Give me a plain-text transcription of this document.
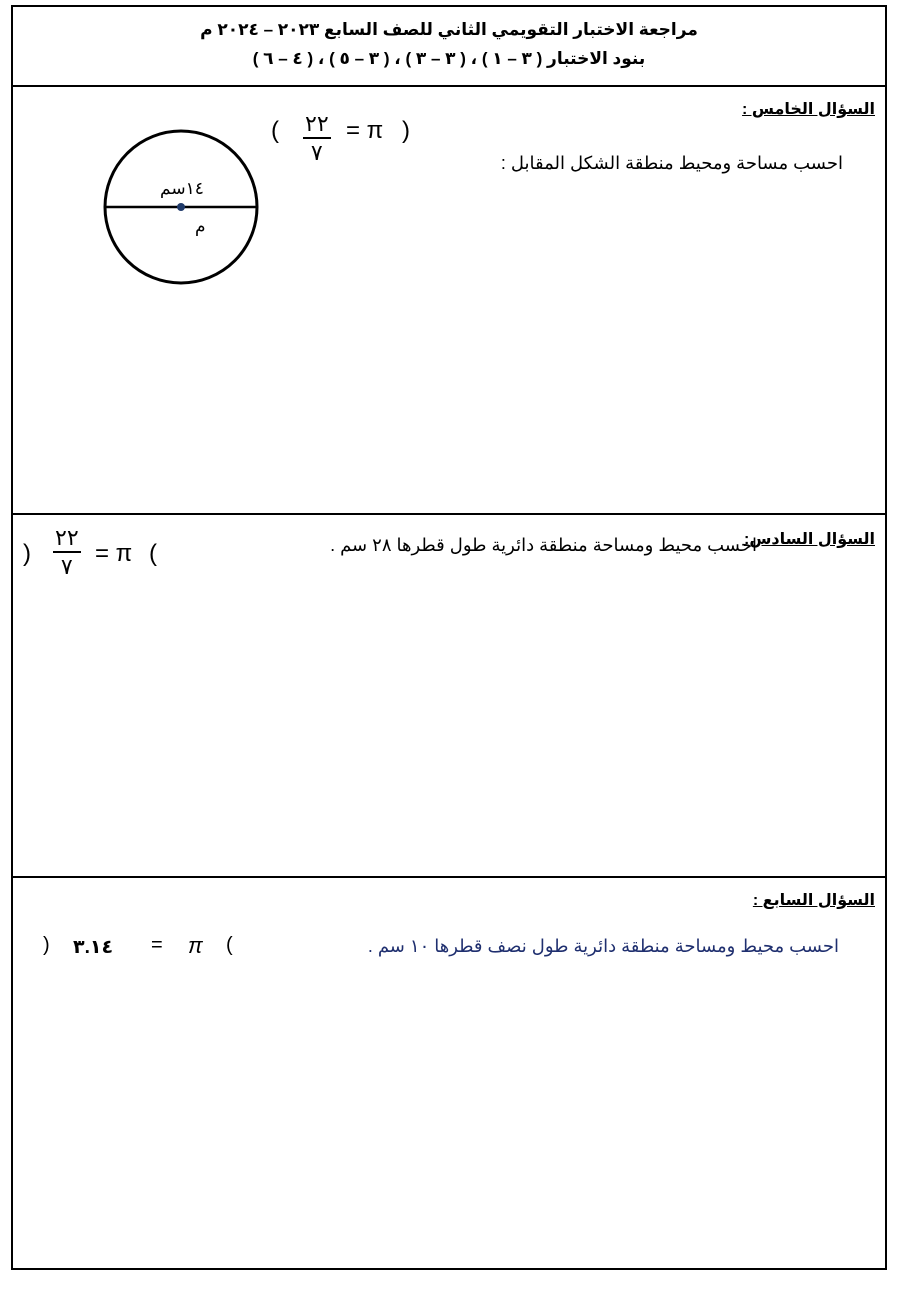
مراجعة الاختبار التقويمي الثاني للصف السابع ٢٠٢٣ – ٢٠٢٤ م
بنود الاختبار ( ٣ – ١ ) ، ( ٣ – ٣ ) ، ( ٣ – ٥ ) ، ( ٤ – ٦ )
السؤال الخامس :
احسب مساحة ومحيط منطقة الشكل المقابل :
( ٢٢
٧
= π )
١٤سم
م
السؤال السادس:
احسب محيط ومساحة منطقة دائرية طول قطرها ٢٨ سم .
)
٢٢
٧ = π (
السؤال السابع :
احسب محيط ومساحة منطقة دائرية طول نصف قطرها ١٠ سم .
) ٣.١٤ = π (
